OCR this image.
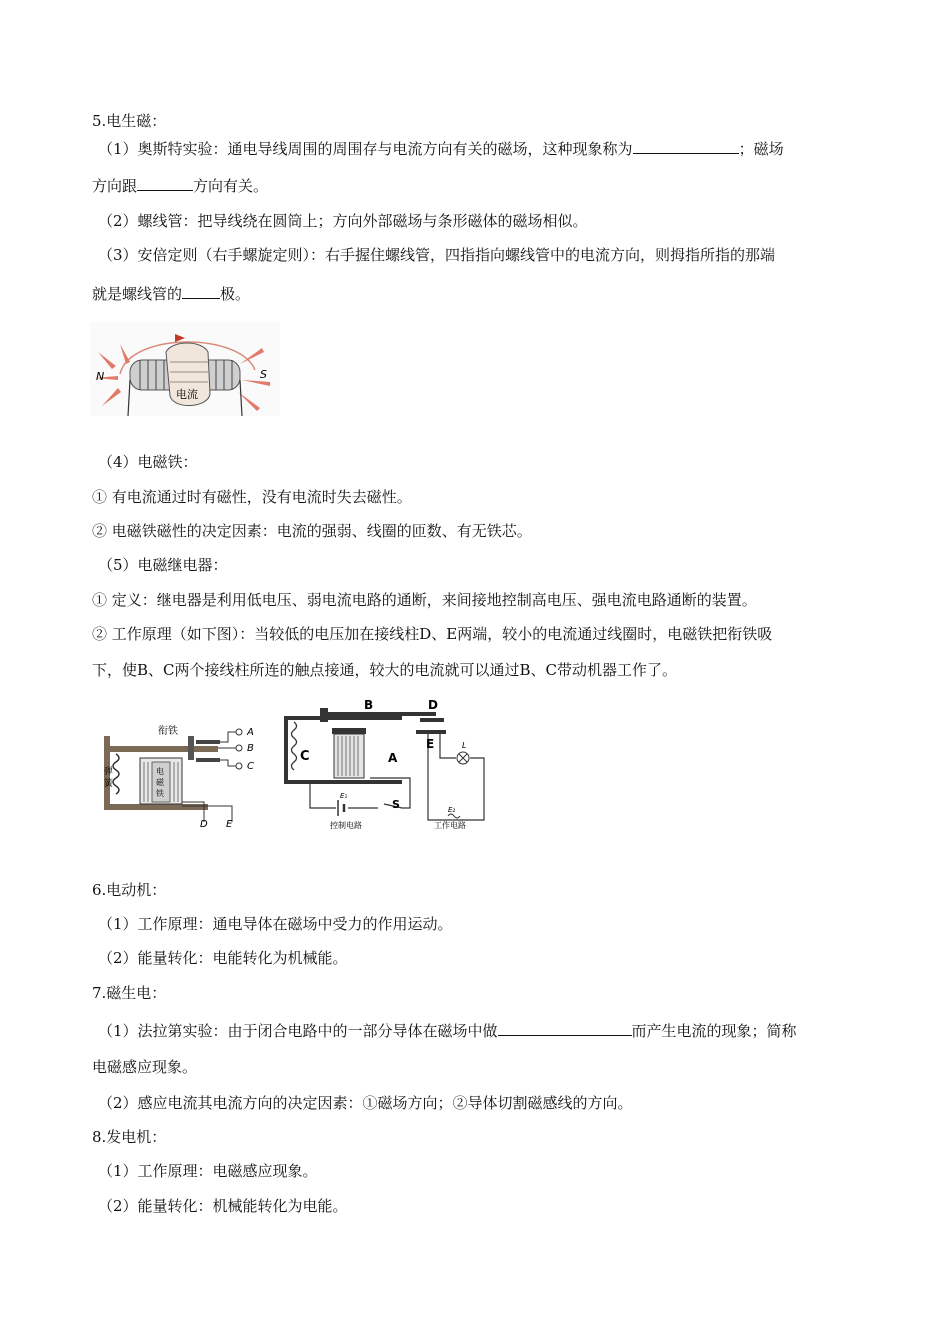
5.电生磁：
（1）奥斯特实验：通电导线周围的周围存与电流方向有关的磁场，这种现象称为	；磁场
方向跟	方向有关。
（2）螺线管：把导线绕在圆筒上；方向外部磁场与条形磁体的磁场相似。
（3）安倍定则（右手螺旋定则）：右手握住螺线管，四指指向螺线管中的电流方向，则拇指所指的那端
就是螺线管的	极。
N	S
电流
（4）电磁铁：
① 有电流通过时有磁性，没有电流时失去磁性。
② 电磁铁磁性的决定因素：电流的强弱、线圈的匝数、有无铁芯。
（5）电磁继电器：
① 定义：继电器是利用低电压、弱电流电路的通断，来间接地控制高电压、强电流电路通断的装置。
② 工作原理（如下图）：当较低的电压加在接线柱D、E两端，较小的电流通过线圈时，电磁铁把衔铁吸
下，使B、C两个接线柱所连的触点接通，较大的电流就可以通过B、C带动机器工作了。
衔铁	A
B
C
D E
弹
簧
电
磁
铁
B	D
C	A
E
S
E₁
E₂
L
控制电路	工作电路
6.电动机：
（1）工作原理：通电导体在磁场中受力的作用运动。
（2）能量转化：电能转化为机械能。
7.磁生电：
（1）法拉第实验：由于闭合电路中的一部分导体在磁场中做	而产生电流的现象；简称
电磁感应现象。
（2）感应电流其电流方向的决定因素：①磁场方向；②导体切割磁感线的方向。
8.发电机：
（1）工作原理：电磁感应现象。
（2）能量转化：机械能转化为电能。
